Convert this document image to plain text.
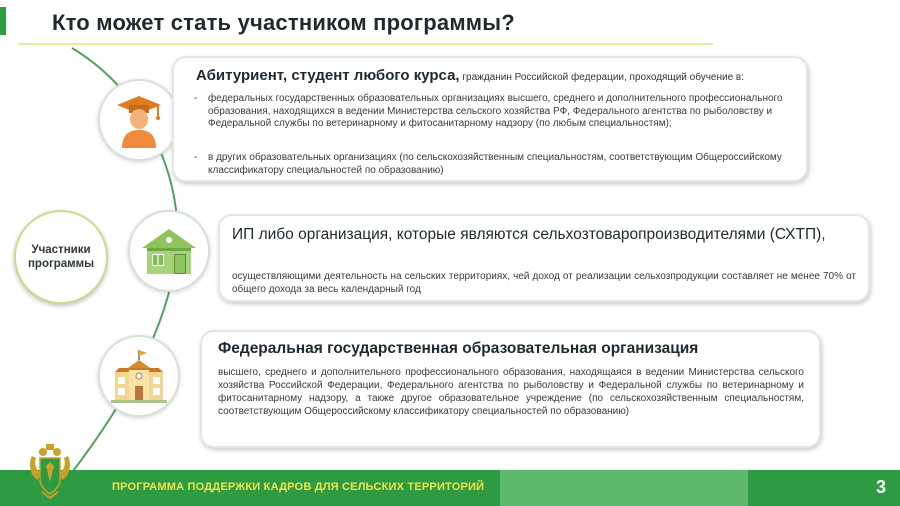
Кто может стать участником программы?
Участники программы
Абитуриент, студент любого курса, гражданин Российской федерации, проходящий обучение в:
-	федеральных государственных образовательных организациях высшего, среднего и дополнительного профессионального образования, находящихся в ведении Министерства сельского хозяйства РФ, Федерального агентства по рыболовству и Федеральной службы по ветеринарному и фитосанитарному надзору (по любым специальностям);
-	в других образовательных организациях (по сельскохозяйственным специальностям, соответствующим Общероссийскому классификатору специальностей по образованию)
ИП либо организация, которые являются сельхозтоваропроизводителями (СХТП),
осуществляющими деятельность на сельских территориях, чей доход от реализации сельхозпродукции составляет не менее 70% от общего дохода за весь календарный год
Федеральная государственная образовательная организация
высшего, среднего и дополнительного профессионального образования, находящаяся в ведении Министерства сельского хозяйства Российской Федерации, Федерального агентства по рыболовству и Федеральной службы по ветеринарному и фитосанитарному надзору, а также другое образовательное учреждение (по сельскохозяйственным специальностям, соответствующим Общероссийскому классификатору специальностей по образованию)
ПРОГРАММА ПОДДЕРЖКИ КАДРОВ ДЛЯ СЕЛЬСКИХ ТЕРРИТОРИЙ	3
